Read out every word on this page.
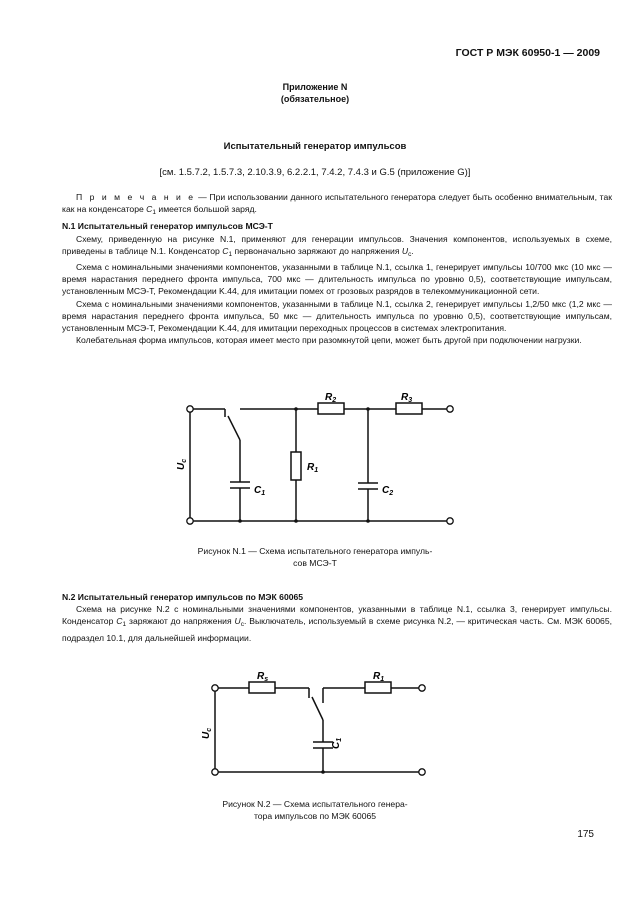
ГОСТ Р МЭК 60950-1 — 2009
Приложение N
(обязательное)
Испытательный генератор импульсов
[см. 1.5.7.2, 1.5.7.3, 2.10.3.9, 6.2.2.1, 7.4.2, 7.4.3 и G.5 (приложение G)]

П р и м е ч а н и е — При использовании данного испытательного генератора следует быть особенно внимательным, так как на конденсаторе $C_1$ имеется большой заряд.

N.1 Испытательный генератор импульсов МСЭ-Т

Схему, приведенную на рисунке N.1, применяют для генерации импульсов. Значения компонентов, используемых в схеме, приведены в таблице N.1. Конденсатор $C_1$ первоначально заряжают до напряжения $U_c$.

Схема с номинальными значениями компонентов, указанными в таблице N.1, ссылка 1, генерирует импульсы 10/700 мкс (10 мкс — время нарастания переднего фронта импульса, 700 мкс — длительность импульса по уровню 0,5), соответствующие импульсам, установленным МСЭ-Т, Рекомендации K.44, для имитации помех от грозовых разрядов в телекоммуникационной сети.

Схема с номинальными значениями компонентов, указанными в таблице N.1, ссылка 2, генерирует импульсы 1,2/50 мкс (1,2 мкс — время нарастания переднего фронта импульса, 50 мкс — длительность импульса по уровню 0,5), соответствующие импульсам, установленным МСЭ-Т, Рекомендации K.44, для имитации переходных процессов в системах электропитания.

Колебательная форма импульсов, которая имеет место при разомкнутой цепи, может быть другой при подключении нагрузки.

$U_c$
$C_1$
$R_1$
$R_2$	$R_3$
$C_2$
Рисунок N.1 — Схема испытательного генератора импуль-
сов МСЭ-Т

N.2 Испытательный генератор импульсов по МЭК 60065

Схема на рисунке N.2 с номинальными значениями компонентов, указанными в таблице N.1, ссылка 3, генерирует импульсы. Конденсатор $C_1$ заряжают до напряжения $U_c$. Выключатель, используемый в схеме рисунка N.2, — критическая часть. См. МЭК 60065, подраздел 10.1, для дальнейшей информации.

$U_c$
$R_s$	$R_1$
$C_1$
Рисунок N.2 — Схема испытательного генера-
тора импульсов по МЭК 60065
175
